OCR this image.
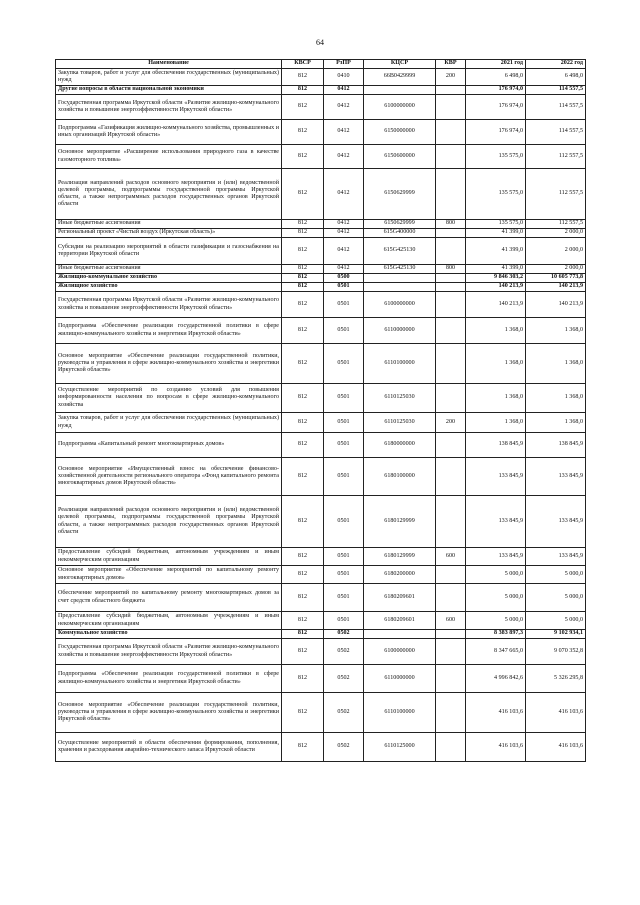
64
Наименование	КВСР	РзПР	КЦСР	КВР	2021 год	2022 год
Закупка товаров, работ и услуг для обеспечения государственных (муниципальных) нужд	812	0410	66В0429999	200	6 498,0	6 498,0
Другие вопросы в области национальной экономики	812	0412			176 974,0	114 557,5
Государственная программа Иркутской области «Развитие жилищно-коммунального хозяйства и повышение энергоэффективности Иркутской области»	812	0412	6100000000		176 974,0	114 557,5
Подпрограмма «Газификация жилищно-коммунального хозяйства, промышленных и иных организаций Иркутской области»	812	0412	6150000000		176 974,0	114 557,5
Основное мероприятие «Расширение использования природного газа в качестве газомоторного топлива»	812	0412	6150600000		135 575,0	112 557,5
Реализация направлений расходов основного мероприятия и (или) ведомственной целевой программы, подпрограммы государственной программы Иркутской области, а также непрограммных расходов государственных органов Иркутской области	812	0412	6150629999		135 575,0	112 557,5
Иные бюджетные ассигнования	812	0412	6150629999	800	135 575,0	112 557,5
Региональный проект «Чистый воздух (Иркутская область)»	812	0412	615G400000		41 399,0	2 000,0
Субсидии на реализацию мероприятий в области газификации и газоснабжения на территории Иркутской области	812	0412	615G425130		41 399,0	2 000,0
Иные бюджетные ассигнования	812	0412	615G425130	800	41 399,0	2 000,0
Жилищно-коммунальное хозяйство	812	0500			9 846 303,2	10 605 773,8
Жилищное хозяйство	812	0501			140 213,9	140 213,9
Государственная программа Иркутской области «Развитие жилищно-коммунального хозяйства и повышение энергоэффективности Иркутской области»	812	0501	6100000000		140 213,9	140 213,9
Подпрограмма «Обеспечение реализации государственной политики в сфере жилищно-коммунального хозяйства и энергетики Иркутской области»	812	0501	6110000000		1 368,0	1 368,0
Основное мероприятие «Обеспечение реализации государственной политики, руководства и управления в сфере жилищно-коммунального хозяйства и энергетики Иркутской области»	812	0501	6110100000		1 368,0	1 368,0
Осуществление мероприятий по созданию условий для повышения информированности населения по вопросам в сфере жилищно-коммунального хозяйства	812	0501	6110125030		1 368,0	1 368,0
Закупка товаров, работ и услуг для обеспечения государственных (муниципальных) нужд	812	0501	6110125030	200	1 368,0	1 368,0
Подпрограмма «Капитальный ремонт многоквартирных домов»	812	0501	6180000000		138 845,9	138 845,9
Основное мероприятие «Имущественный взнос на обеспечение финансово-хозяйственной деятельности регионального оператора «Фонд капитального ремонта многоквартирных домов Иркутской области»	812	0501	6180100000		133 845,9	133 845,9
Реализация направлений расходов основного мероприятия и (или) ведомственной целевой программы, подпрограммы государственной программы Иркутской области, а также непрограммных расходов государственных органов Иркутской области	812	0501	6180129999		133 845,9	133 845,9
Предоставление субсидий бюджетным, автономным учреждениям и иным некоммерческим организациям	812	0501	6180129999	600	133 845,9	133 845,9
Основное мероприятие «Обеспечение мероприятий по капитальному ремонту многоквартирных домов»	812	0501	6180200000		5 000,0	5 000,0
Обеспечение мероприятий по капитальному ремонту многоквартирных домов за счет средств областного бюджета	812	0501	6180209601		5 000,0	5 000,0
Предоставление субсидий бюджетным, автономным учреждениям и иным некоммерческим организациям	812	0501	6180209601	600	5 000,0	5 000,0
Коммунальное хозяйство	812	0502			8 383 897,3	9 102 934,1
Государственная программа Иркутской области «Развитие жилищно-коммунального хозяйства и повышение энергоэффективности Иркутской области»	812	0502	6100000000		8 347 665,0	9 070 352,8
Подпрограмма «Обеспечение реализации государственной политики в сфере жилищно-коммунального хозяйства и энергетики Иркутской области»	812	0502	6110000000		4 996 842,6	5 326 295,8
Основное мероприятие «Обеспечение реализации государственной политики, руководства и управления в сфере жилищно-коммунального хозяйства и энергетики Иркутской области»	812	0502	6110100000		416 103,6	416 103,6
Осуществление мероприятий в области обеспечения формирования, пополнения, хранения и расходования аварийно-технического запаса Иркутской области	812	0502	6110125000		416 103,6	416 103,6
